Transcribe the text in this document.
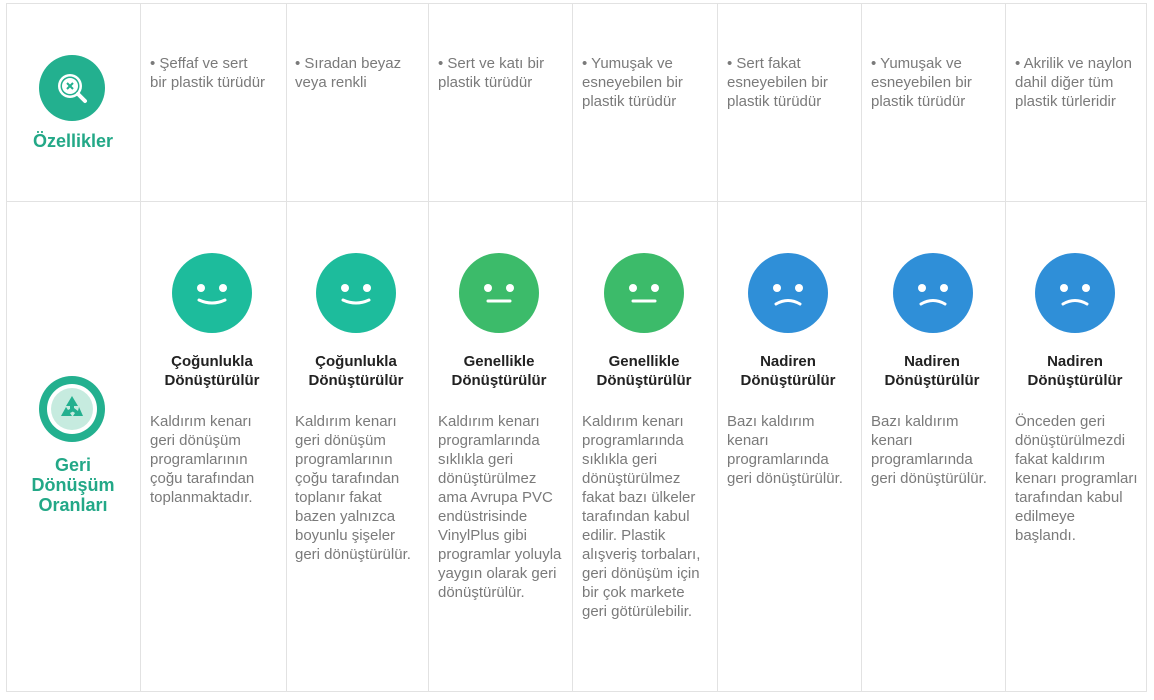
Özellikler
Geri
Dönüşüm
Oranları
• Şeffaf ve sert bir plastik türüdür
Çoğunlukla
Dönüştürülür
Kaldırım kenarı geri dönüşüm programlarının çoğu tarafından toplanmaktadır.
• Sıradan beyaz veya renkli
Çoğunlukla
Dönüştürülür
Kaldırım kenarı geri dönüşüm programlarının çoğu tarafından toplanır fakat bazen yalnızca boyunlu şişeler geri dönüştürülür.
• Sert ve katı bir plastik türüdür
Genellikle
Dönüştürülür
Kaldırım kenarı programlarında sıklıkla geri dönüştürülmez ama Avrupa PVC endüstrisinde VinylPlus gibi programlar yoluyla yaygın olarak geri dönüştürülür.
• Yumuşak ve esneyebilen bir plastik türüdür
Genellikle
Dönüştürülür
Kaldırım kenarı programlarında sıklıkla geri dönüştürülmez fakat bazı ülkeler tarafından kabul edilir. Plastik alışveriş torbaları, geri dönüşüm için bir çok markete geri götürülebilir.
• Sert fakat esneyebilen bir plastik türüdür
Nadiren
Dönüştürülür
Bazı kaldırım kenarı programlarında geri dönüştürülür.
• Yumuşak ve esneyebilen bir plastik türüdür
Nadiren
Dönüştürülür
Bazı kaldırım kenarı programlarında geri dönüştürülür.
• Akrilik ve naylon dahil diğer tüm plastik türleridir
Nadiren
Dönüştürülür
Önceden geri dönüştürülmezdi fakat kaldırım kenarı programları tarafından kabul edilmeye başlandı.
